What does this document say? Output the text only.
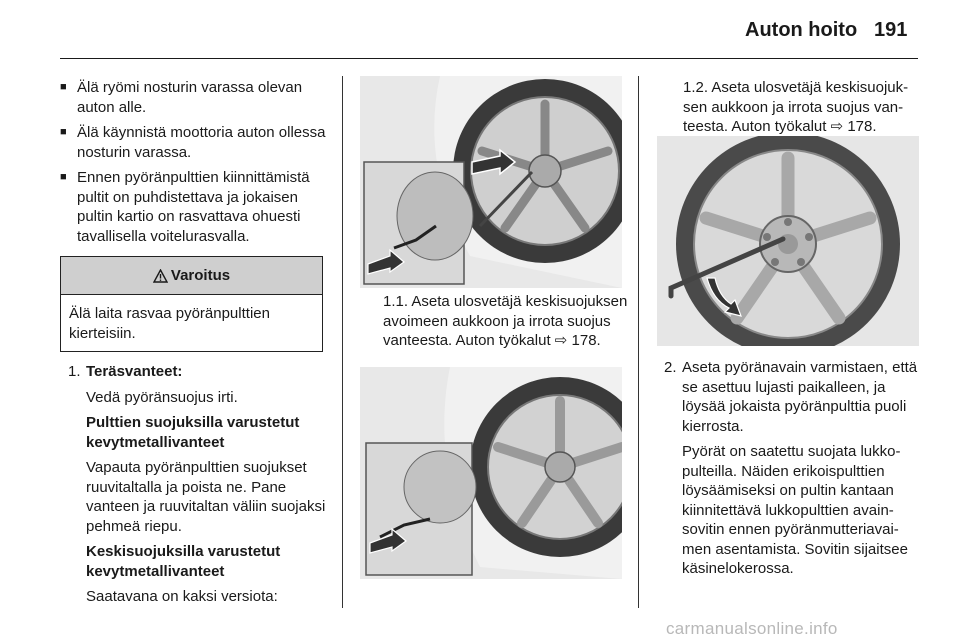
Auton hoito 191
■ Älä ryömi nosturin varassa olevan auton alle.
■ Älä käynnistä moottoria auton ollessa nosturin varassa.
■ Ennen pyöränpulttien kiinnittämistä pultit on puhdistettava ja jokaisen pultin kartio on rasvattava ohuesti tavallisella voitelurasvalla.
Varoitus
Älä laita rasvaa pyöränpulttien kierteisiin.
1. Teräsvanteet:

Vedä pyöränsuojus irti.

Pulttien suojuksilla varustetut kevytmetallivanteet

Vapauta pyöränpulttien suojukset ruuvitaltalla ja poista ne. Pane vanteen ja ruuvitaltan väliin suojaksi pehmeä riepu.

Keskisuojuksilla varustetut kevytmetallivanteet

Saatavana on kaksi versiota:

1.1. Aseta ulosvetäjä keskisuojuksen avoimeen aukkoon ja irrota suojus vanteesta. Auton työkalut ⇨ 178.
1.2. Aseta ulosvetäjä keskisuojuksen aukkoon ja irrota suojus vanteesta. Auton työkalut ⇨ 178.
2. Aseta pyöränavain varmistaen, että se asettuu lujasti paikalleen, ja löysää jokaista pyöränpulttia puoli kierrosta.

Pyörät on saatettu suojata lukkopulteilla. Näiden erikoispulttien löysäämiseksi on pultin kantaan kiinnitettävä lukkopulttien avainsovitin ennen pyöränmutteriavaimen asentamista. Sovitin sijaitsee käsinelokerossa.

carmanualsonline.info
